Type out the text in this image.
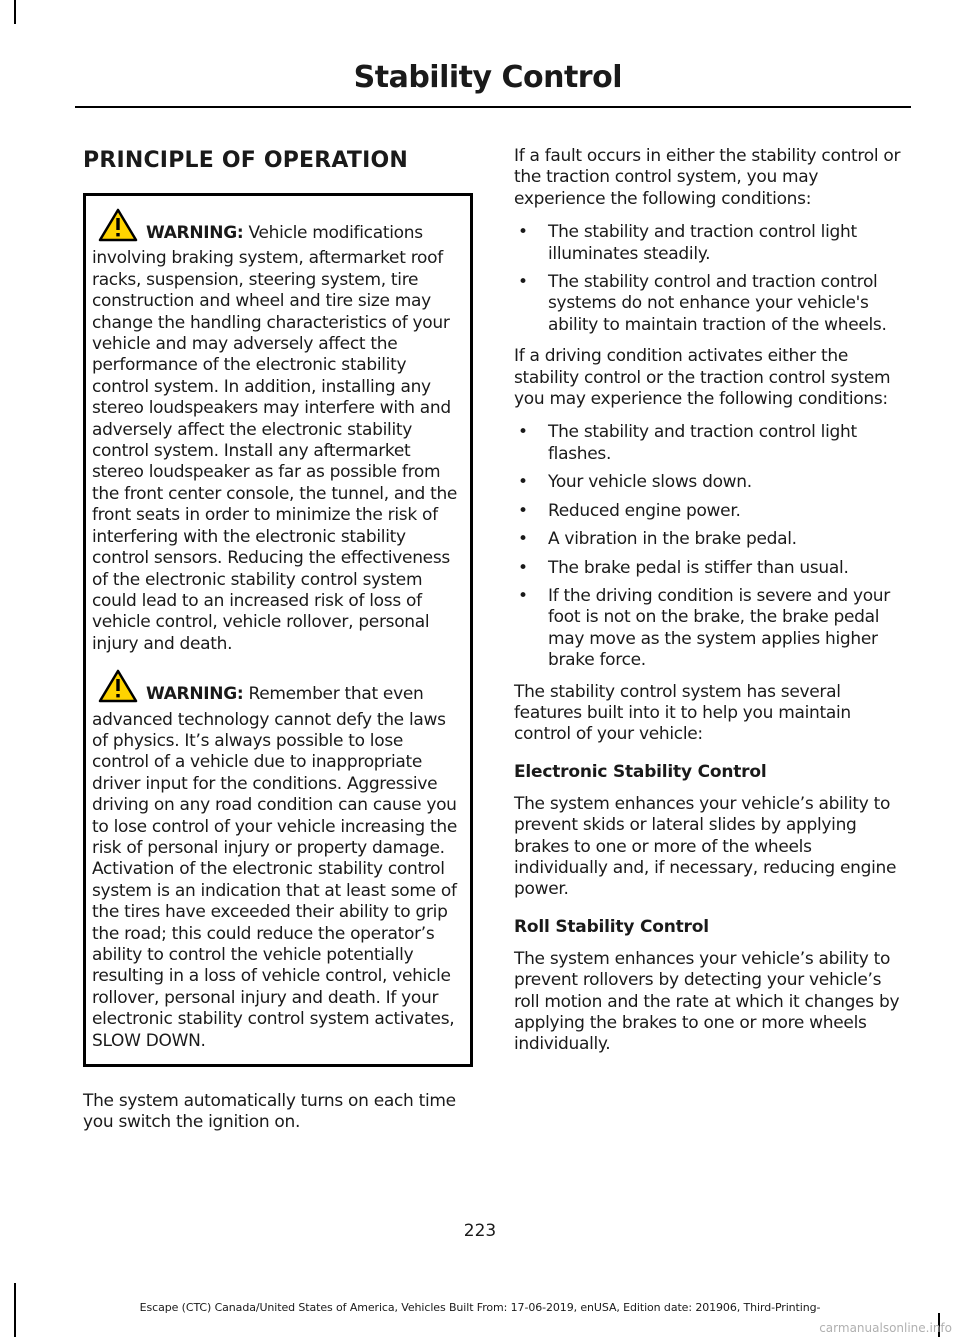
Stability Control
PRINCIPLE OF OPERATION

WARNING: Vehicle modifications involving braking system, aftermarket roof racks, suspension, steering system, tire construction and wheel and tire size may change the handling characteristics of your vehicle and may adversely affect the performance of the electronic stability control system. In addition, installing any stereo loudspeakers may interfere with and adversely affect the electronic stability control system. Install any aftermarket stereo loudspeaker as far as possible from the front center console, the tunnel, and the front seats in order to minimize the risk of interfering with the electronic stability control sensors. Reducing the effectiveness of the electronic stability control system could lead to an increased risk of loss of vehicle control, vehicle rollover, personal injury and death.

WARNING: Remember that even advanced technology cannot defy the laws of physics. It’s always possible to lose control of a vehicle due to inappropriate driver input for the conditions. Aggressive driving on any road condition can cause you to lose control of your vehicle increasing the risk of personal injury or property damage. Activation of the electronic stability control system is an indication that at least some of the tires have exceeded their ability to grip the road; this could reduce the operator’s ability to control the vehicle potentially resulting in a loss of vehicle control, vehicle rollover, personal injury and death. If your electronic stability control system activates, SLOW DOWN.

The system automatically turns on each time you switch the ignition on.

If a fault occurs in either the stability control or the traction control system, you may experience the following conditions:

• The stability and traction control light illuminates steadily.
• The stability control and traction control systems do not enhance your vehicle's ability to maintain traction of the wheels.

If a driving condition activates either the stability control or the traction control system you may experience the following conditions:

• The stability and traction control light flashes.
• Your vehicle slows down.
• Reduced engine power.
• A vibration in the brake pedal.
• The brake pedal is stiffer than usual.
• If the driving condition is severe and your foot is not on the brake, the brake pedal may move as the system applies higher brake force.

The stability control system has several features built into it to help you maintain control of your vehicle:

Electronic Stability Control

The system enhances your vehicle’s ability to prevent skids or lateral slides by applying brakes to one or more of the wheels individually and, if necessary, reducing engine power.

Roll Stability Control

The system enhances your vehicle’s ability to prevent rollovers by detecting your vehicle’s roll motion and the rate at which it changes by applying the brakes to one or more wheels individually.

223
Escape (CTC) Canada/United States of America, Vehicles Built From: 17-06-2019, enUSA, Edition date: 201906, Third-Printing-
carmanualsonline.info
